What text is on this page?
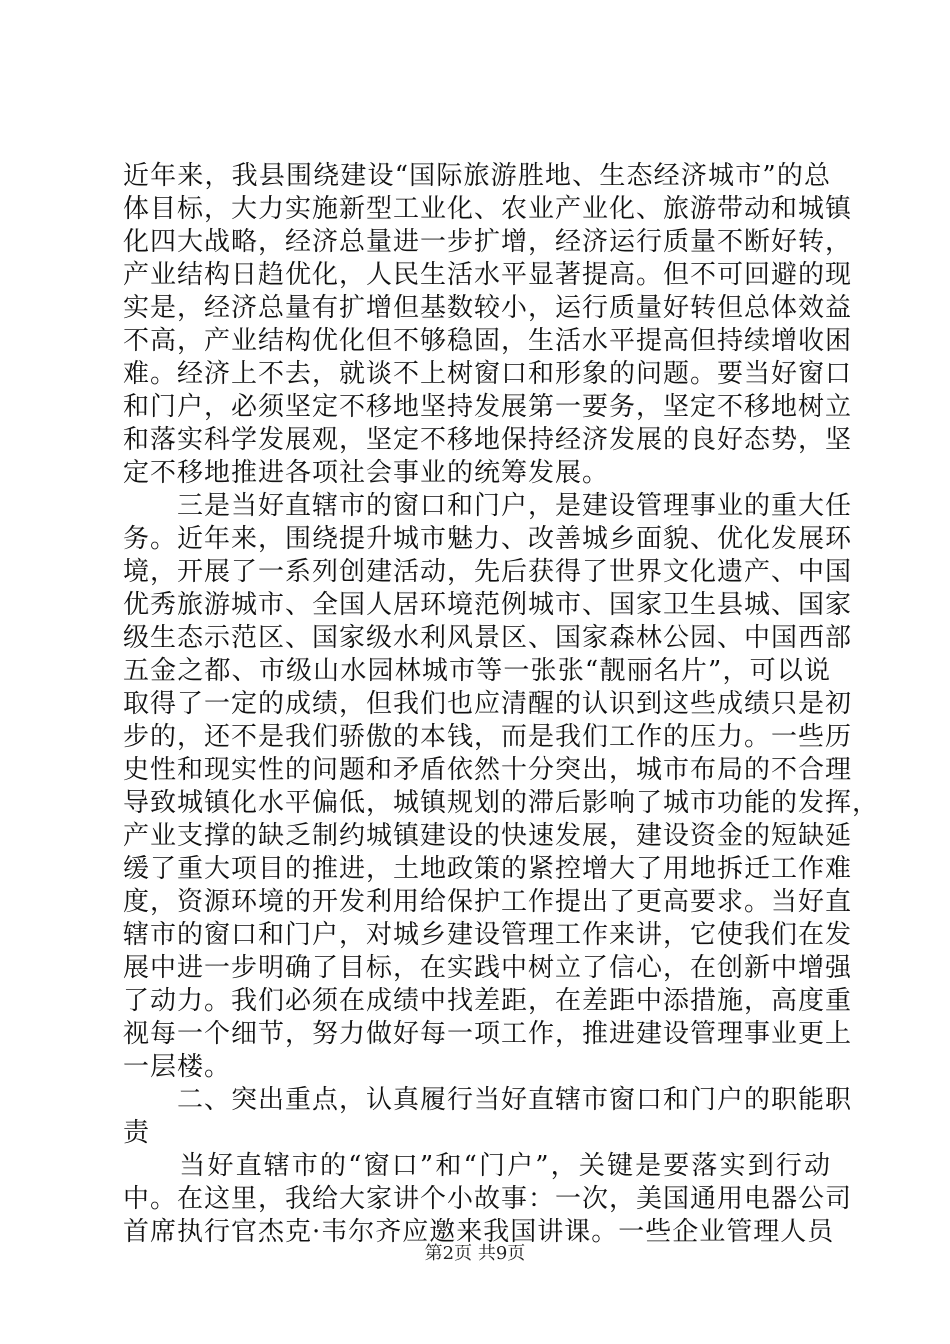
近年来，我县围绕建设“国际旅游胜地、生态经济城市”的总
体目标，大力实施新型工业化、农业产业化、旅游带动和城镇
化四大战略，经济总量进一步扩增，经济运行质量不断好转，
产业结构日趋优化，人民生活水平显著提高。但不可回避的现
实是，经济总量有扩增但基数较小，运行质量好转但总体效益
不高，产业结构优化但不够稳固，生活水平提高但持续增收困
难。经济上不去，就谈不上树窗口和形象的问题。要当好窗口
和门户，必须坚定不移地坚持发展第一要务，坚定不移地树立
和落实科学发展观，坚定不移地保持经济发展的良好态势，坚
定不移地推进各项社会事业的统筹发展。

　　三是当好直辖市的窗口和门户，是建设管理事业的重大任
务。近年来，围绕提升城市魅力、改善城乡面貌、优化发展环
境，开展了一系列创建活动，先后获得了世界文化遗产、中国
优秀旅游城市、全国人居环境范例城市、国家卫生县城、国家
级生态示范区、国家级水利风景区、国家森林公园、中国西部
五金之都、市级山水园林城市等一张张“靓丽名片”，可以说
取得了一定的成绩，但我们也应清醒的认识到这些成绩只是初
步的，还不是我们骄傲的本钱，而是我们工作的压力。一些历
史性和现实性的问题和矛盾依然十分突出，城市布局的不合理
导致城镇化水平偏低，城镇规划的滞后影响了城市功能的发挥，
产业支撑的缺乏制约城镇建设的快速发展，建设资金的短缺延
缓了重大项目的推进，土地政策的紧控增大了用地拆迁工作难
度，资源环境的开发利用给保护工作提出了更高要求。当好直
辖市的窗口和门户，对城乡建设管理工作来讲，它使我们在发
展中进一步明确了目标，在实践中树立了信心，在创新中增强
了动力。我们必须在成绩中找差距，在差距中添措施，高度重
视每一个细节，努力做好每一项工作，推进建设管理事业更上
一层楼。

　　二、突出重点，认真履行当好直辖市窗口和门户的职能职
责

　　当好直辖市的“窗口”和“门户”，关键是要落实到行动
中。在这里，我给大家讲个小故事：一次，美国通用电器公司
首席执行官杰克·韦尔齐应邀来我国讲课。一些企业管理人员

第2页 共9页
